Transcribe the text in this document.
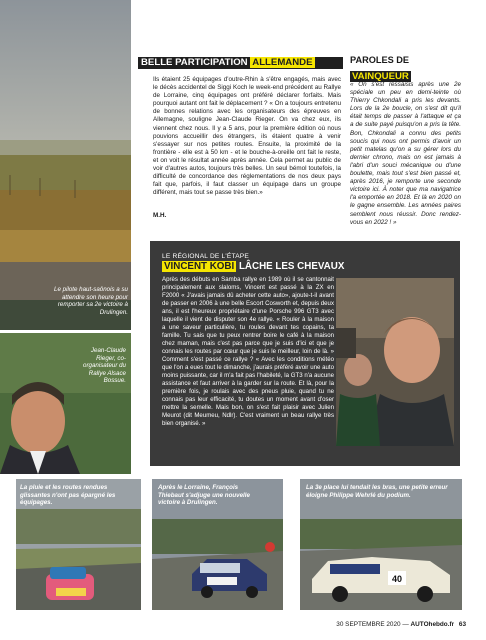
Le pilote haut-saônois a su attendre son heure pour remporter sa 2e victoire à Drulingen.
Jean-Claude Rieger, co-organisateur du Rallye Alsace Bossue.
BELLE PARTICIPATION ALLEMANDE
Ils étaient 25 équipages d'outre-Rhin à s'être engagés, mais avec le décès accidentel de Siggi Koch le week-end précédent au Rallye de Lorraine, cinq équipages ont préféré déclarer forfaits. Mais pourquoi autant ont fait le déplacement ? « On a toujours entretenu de bonnes relations avec les organisateurs des épreuves en Allemagne, souligne Jean-Claude Rieger. On va chez eux, ils viennent chez nous. Il y a 5 ans, pour la première édition où nous pouvions accueillir des étrangers, ils étaient quatre à venir s'essayer sur nos petites routes. Ensuite, la proximité de la frontière - elle est à 50 km - et le bouche-à-oreille ont fait le reste, et on voit le résultat année après année. Cela permet au public de voir d'autres autos, toujours très belles. Un seul bémol toutefois, la difficulté de concordance des réglementations de nos deux pays fait que, parfois, il faut classer un équipage dans un groupe différent, mais tout se passe très bien.»
M.H.
PAROLES DE
VAINQUEUR
« On s'est ressaisis après une 2e spéciale un peu en demi-teinte où Thierry Chkondali a pris les devants. Lors de la 2e boucle, on s'est dit qu'il était temps de passer à l'attaque et ça a de suite payé puisqu'on a pris la tête. Bon, Chkondali a connu des petits soucis qui nous ont permis d'avoir un petit matelas qu'on a su gérer lors du dernier chrono, mais on est jamais à l'abri d'un souci mécanique ou d'une boulette, mais tout s'est bien passé et, après 2016, je remporte une seconde victoire ici. À noter que ma navigatrice l'a emportée en 2018. Et là en 2020 on le gagne ensemble. Les années paires semblent nous réussir. Donc rendez-vous en 2022 ! »
LE RÉGIONAL DE L'ÉTAPE
VINCENT KOBI LÂCHE LES CHEVAUX
Après des débuts en Samba rallye en 1989 où il se cantonnait principalement aux slaloms, Vincent est passé à la ZX en F2000 « J'avais jamais dû acheter cette auto», ajoute-t-il avant de passer en 2006 à une belle Escort Cosworth et, depuis deux ans, il est l'heureux propriétaire d'une Porsche 996 GT3 avec laquelle il vient de disputer son 4e rallye. « Rouler à la maison a une saveur particulière, tu roules devant tes copains, ta famille. Tu sais que tu peux rentrer boire le café à la maison chez maman, mais c'est pas parce que je suis d'ici et que je connais les routes par cœur que je suis le meilleur, loin de là. » Comment s'est passé ce rallye ? « Avec les conditions météo que l'on a eues tout le dimanche, j'aurais préféré avoir une auto moins puissante, car il m'a fait pas l'habileté, la GT3 n'a aucune assistance et faut arriver à la garder sur la route. Et là, pour la première fois, je roulais avec des pneus pluie, quand tu ne connais pas leur efficacité, tu doutes un moment avant d'oser mettre la semelle. Mais bon, on s'est fait plaisir avec Julien Meurot (dit Meumeu, Ndlr). C'est vraiment un beau rallye très bien organisé. »
La pluie et les routes rendues glissantes n'ont pas épargné les équipages.
Après le Lorraine, François Thiebaut s'adjuge une nouvelle victoire à Drulingen.
40
La 3e place lui tendait les bras, une petite erreur éloigne Philippe Wehrlé du podium.
30 SEPTEMBRE 2020 — AUTOhebdo.fr 63
